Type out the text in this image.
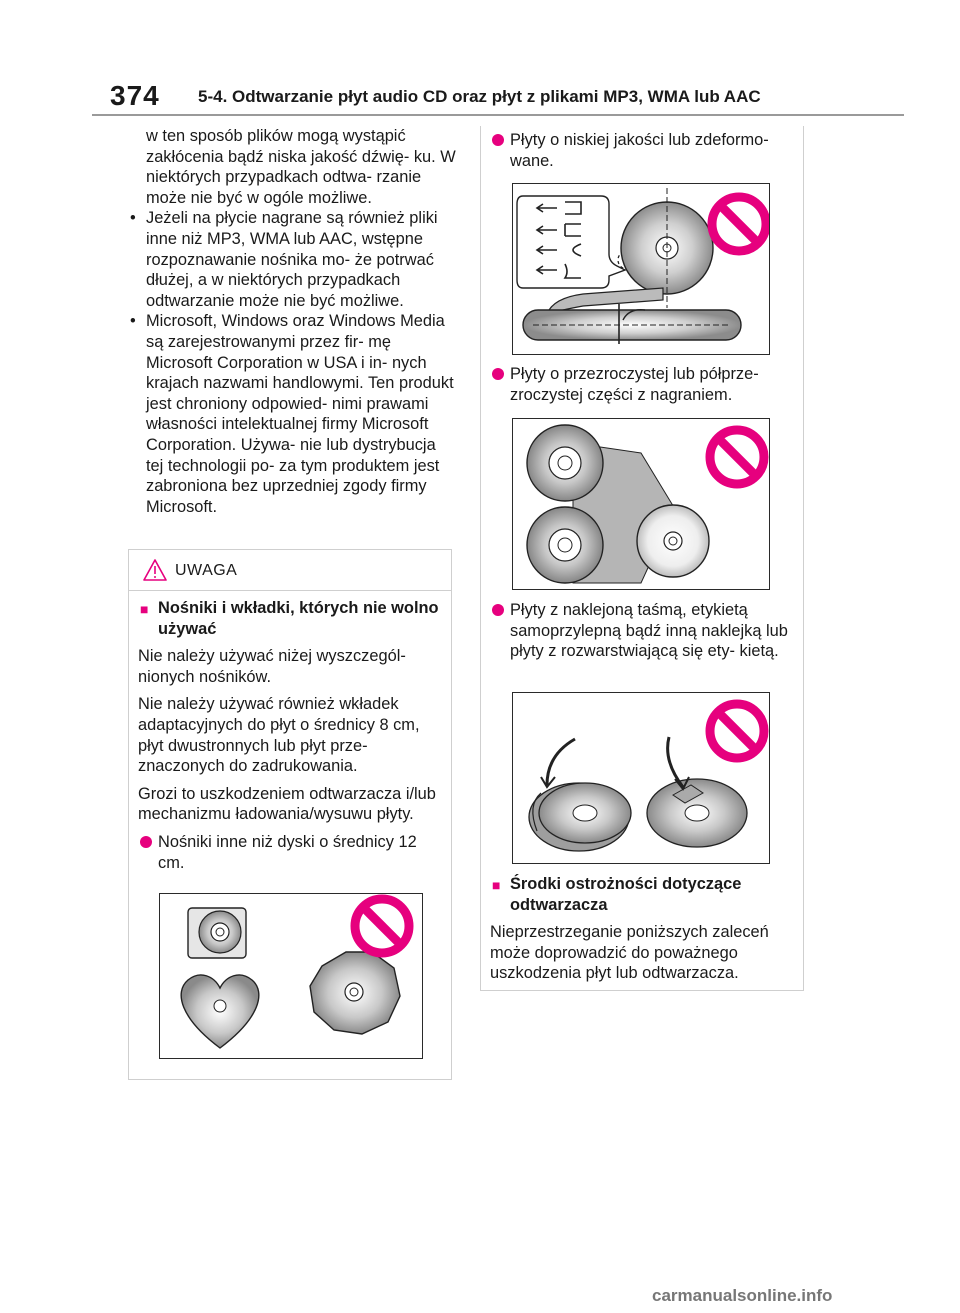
374 5-4. Odtwarzanie płyt audio CD oraz płyt z plikami MP3, WMA lub AAC

w ten sposób plików mogą wystąpić zakłócenia bądź niska jakość dźwię- ku. W niektórych przypadkach odtwa- rzanie może nie być w ogóle możliwe.

• Jeżeli na płycie nagrane są również pliki inne niż MP3, WMA lub AAC, wstępne rozpoznawanie nośnika mo- że potrwać dłużej, a w niektórych przypadkach odtwarzanie może nie być możliwe.

• Microsoft, Windows oraz Windows Media są zarejestrowanymi przez fir- mę Microsoft Corporation w USA i in- nych krajach nazwami handlowymi. Ten produkt jest chroniony odpowied- nimi prawami własności intelektualnej firmy Microsoft Corporation. Używa- nie lub dystrybucja tej technologii po- za tym produktem jest zabroniona bez uprzedniej zgody firmy Microsoft.

UWAGA

■ Nośniki i wkładki, których nie wolno używać

Nie należy używać niżej wyszczegól- nionych nośników.

Nie należy używać również wkładek adaptacyjnych do płyt o średnicy 8 cm, płyt dwustronnych lub płyt prze- znaczonych do zadrukowania.

Grozi to uszkodzeniem odtwarzacza i/lub mechanizmu ładowania/wysuwu płyty.

Nośniki inne niż dyski o średnicy 12 cm.

Płyty o niskiej jakości lub zdeformo- wane.

Płyty o przezroczystej lub półprze- zroczystej części z nagraniem.

Płyty z naklejoną taśmą, etykietą samoprzylepną bądź inną naklejką lub płyty z rozwarstwiającą się ety- kietą.

■ Środki ostrożności dotyczące odtwarzacza

Nieprzestrzeganie poniższych zaleceń może doprowadzić do poważnego uszkodzenia płyt lub odtwarzacza.

carmanualsonline.info
